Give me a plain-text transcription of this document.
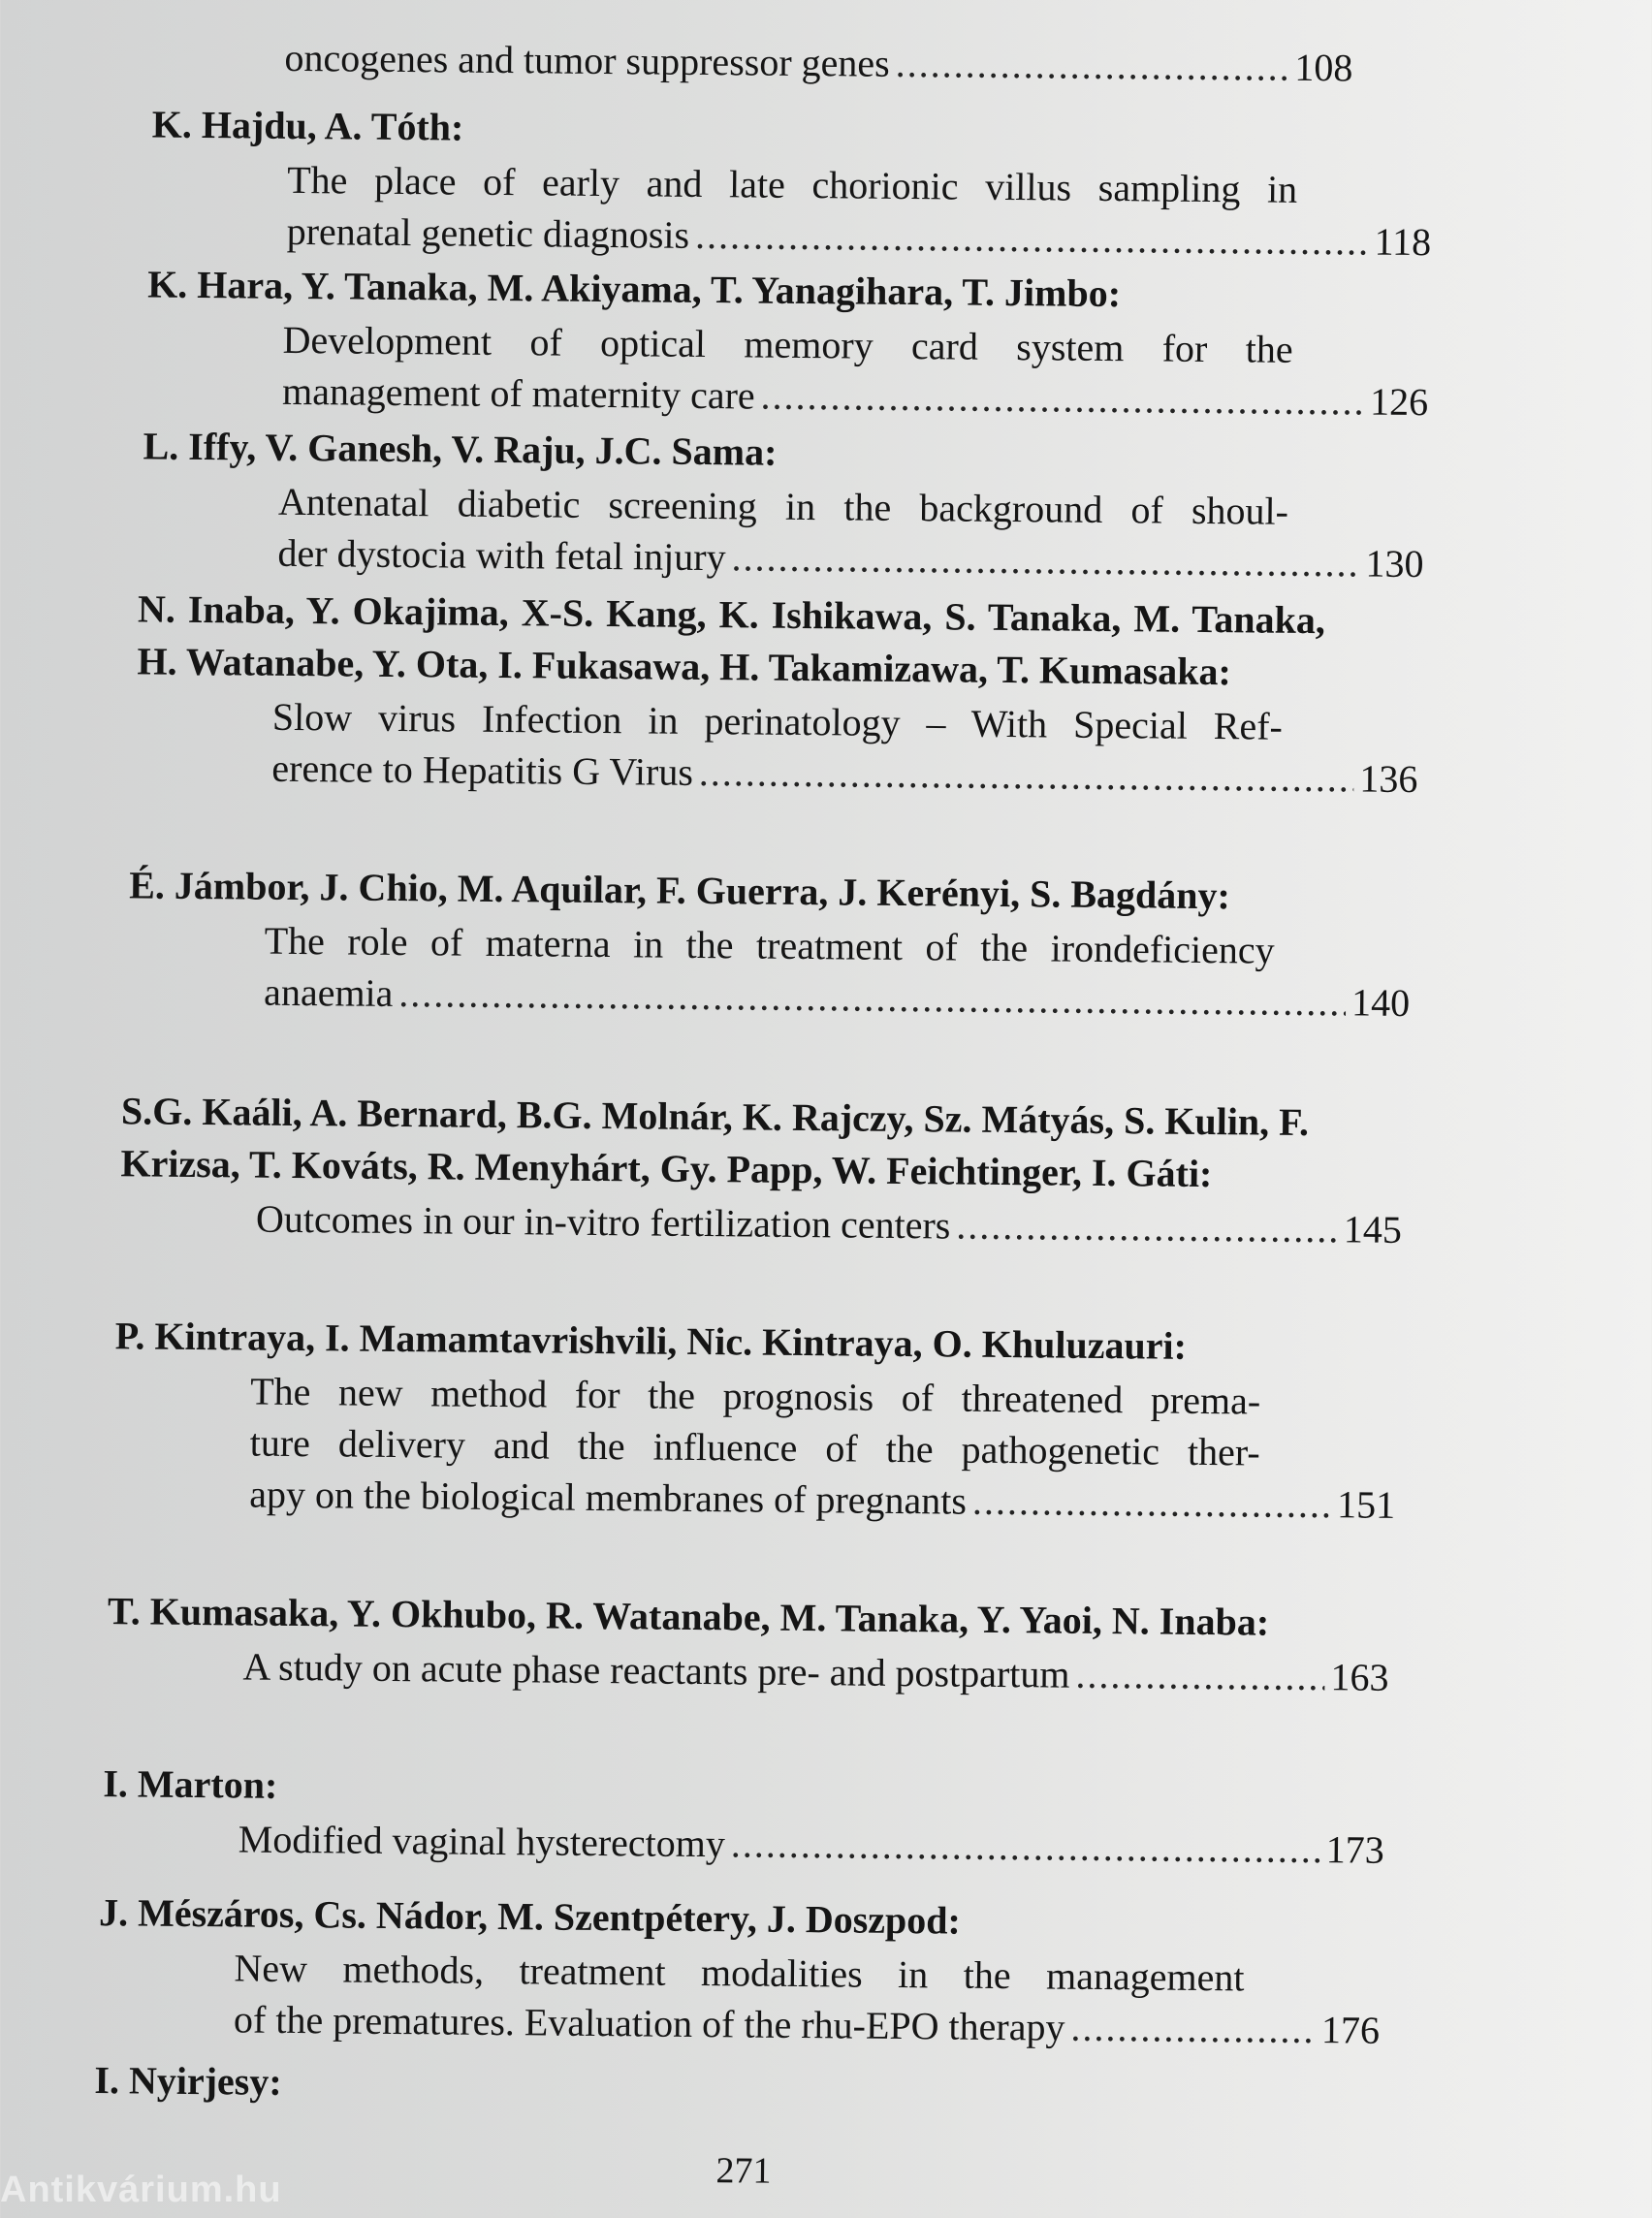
oncogenes and tumor suppressor genes .....	108

K. Hajdu, A. Tóth:

The place of early and late chorionic villus sampling in
prenatal genetic diagnosis .....	118

K. Hara, Y. Tanaka, M. Akiyama, T. Yanagihara, T. Jimbo:

Development of optical memory card system for the
management of maternity care .....	126

L. Iffy, V. Ganesh, V. Raju, J.C. Sama:

Antenatal diabetic screening in the background of shoul-
der dystocia with fetal injury .....	130

N. Inaba, Y. Okajima, X-S. Kang, K. Ishikawa, S. Tanaka, M. Tanaka, H. Watanabe, Y. Ota, I. Fukasawa, H. Takamizawa, T. Kumasaka:

Slow virus Infection in perinatology – With Special Ref-
erence to Hepatitis G Virus .....	136

É. Jámbor, J. Chio, M. Aquilar, F. Guerra, J. Kerényi, S. Bagdány:

The role of materna in the treatment of the irondeficiency
anaemia .....	140

S.G. Kaáli, A. Bernard, B.G. Molnár, K. Rajczy, Sz. Mátyás, S. Kulin, F. Krizsa, T. Kováts, R. Menyhárt, Gy. Papp, W. Feichtinger, I. Gáti:

Outcomes in our in-vitro fertilization centers .....	145

P. Kintraya, I. Mamamtavrishvili, Nic. Kintraya, O. Khuluzauri:

The new method for the prognosis of threatened prema-
ture delivery and the influence of the pathogenetic ther-
apy on the biological membranes of pregnants .....	151

T. Kumasaka, Y. Okhubo, R. Watanabe, M. Tanaka, Y. Yaoi, N. Inaba:

A study on acute phase reactants pre- and postpartum .....	163

I. Marton:

Modified vaginal hysterectomy .....	173

J. Mészáros, Cs. Nádor, M. Szentpétery, J. Doszpod:

New methods, treatment modalities in the management
of the prematures. Evaluation of the rhu-EPO therapy .....	176

I. Nyirjesy:

271
Antikvárium.hu
